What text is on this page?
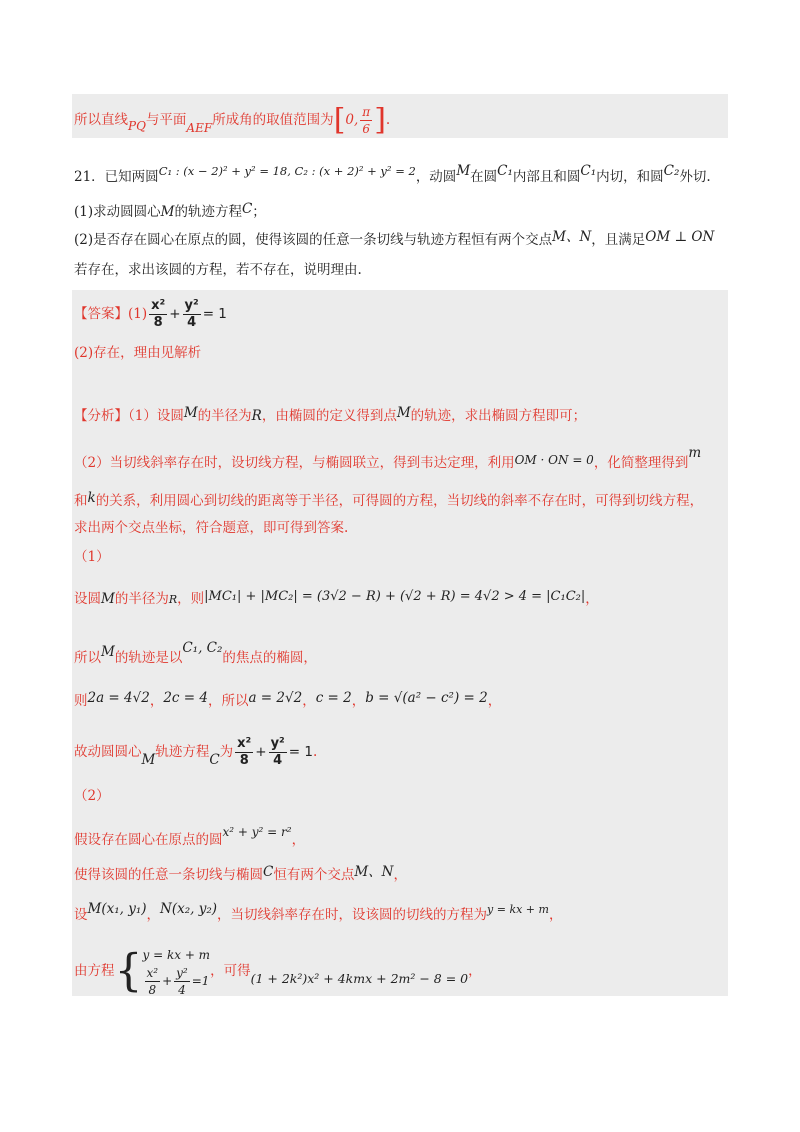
所以直线PQ与平面AEF所成角的取值范围为[0, $\frac{\pi}{6}$ ].
21．已知两圆C₁ : (x − 2)² + y² = 18, C₂ : (x + 2)² + y² = 2，动圆M在圆C₁内部且和圆C₁内切，和圆C₂外切.
(1)求动圆圆心M的轨迹方程C；
(2)是否存在圆心在原点的圆，使得该圆的任意一条切线与轨迹方程恒有两个交点M、N，且满足OM ⊥ ON
若存在，求出该圆的方程，若不存在，说明理由.
【答案】$(1) \frac{\text{x²}}{8} + \frac{\text{y²}}{4} = 1$
(2)存在，理由见解析
【分析】（1）设圆M的半径为R，由椭圆的定义得到点M的轨迹，求出椭圆方程即可；
（2）当切线斜率存在时，设切线方程，与椭圆联立，得到韦达定理，利用OM · ON = 0，化简整理得到m
和k的关系，利用圆心到切线的距离等于半径，可得圆的方程，当切线的斜率不存在时，可得到切线方程，
求出两个交点坐标，符合题意，即可得到答案.
（1）
设圆M的半径为R，则|MC₁| + |MC₂| = (3√2 − R) + (√2 + R) = 4√2 > 4 = |C₁C₂|，
所以M的轨迹是以C₁, C₂的焦点的椭圆，
则2a = 4√2，2c = 4，所以a = 2√2，c = 2，b = √(a² − c²) = 2，
故动圆圆心M轨迹方程C为 $\frac{\text{x²}}{8} + \frac{\text{y²}}{4} = 1$.
（2）
假设存在圆心在原点的圆x² + y² = r²，
使得该圆的任意一条切线与椭圆C恒有两个交点M、N，
设M(x₁, y₁)，N(x₂, y₂)，当切线斜率存在时，设该圆的切线的方程为$^{y = kx + m}$，
由方程{ y = kx + m
$\frac{\text{x²}}{8} + \frac{\text{y²}}{4} =1$
，可得(1 + 2k²)x² + 4kmx + 2m² − 8 = 0，
